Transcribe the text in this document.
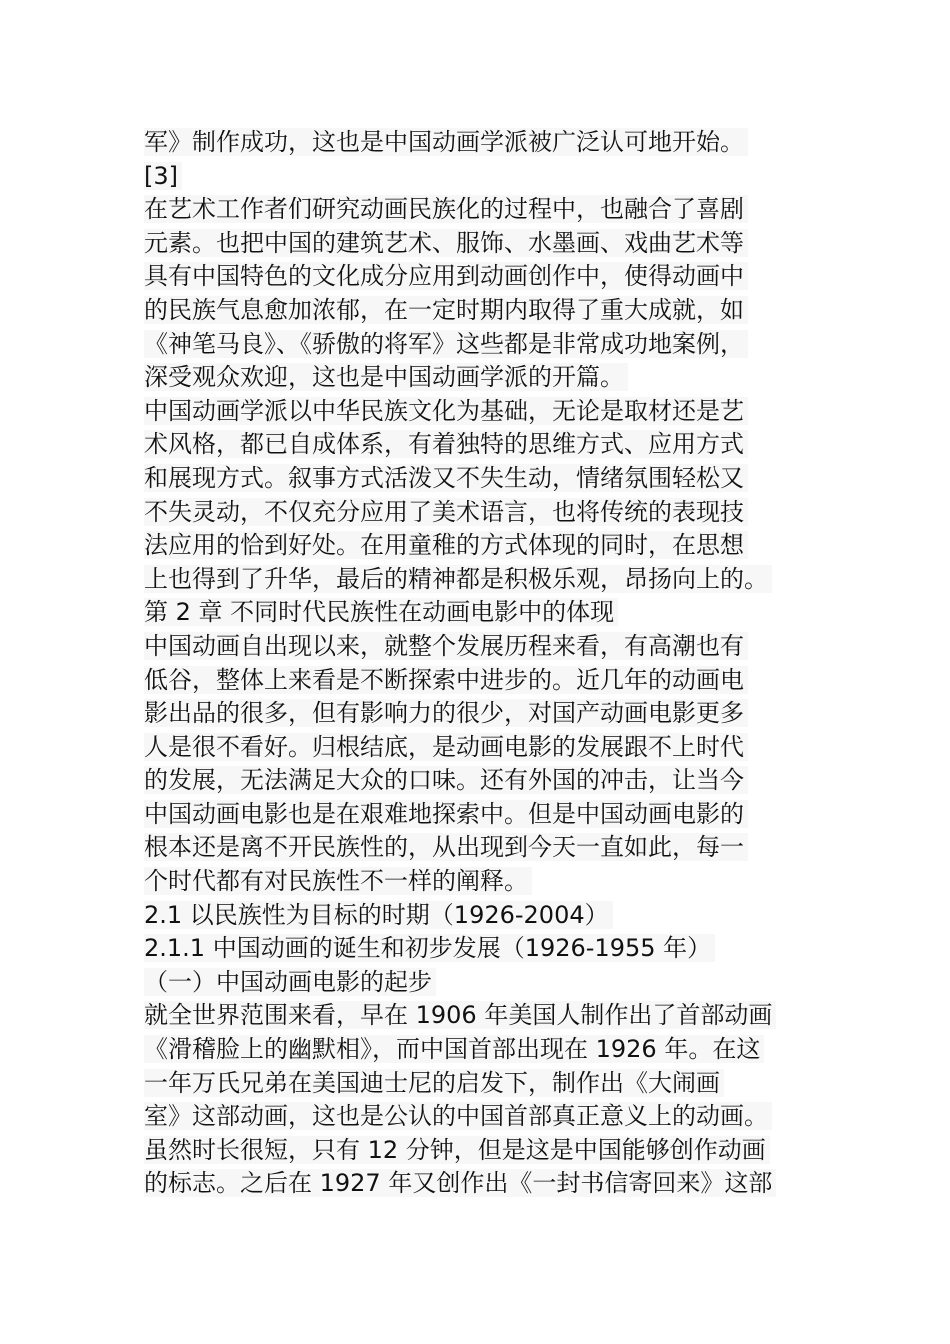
军》制作成功，这也是中国动画学派被广泛认可地开始。
[3]
在艺术工作者们研究动画民族化的过程中，也融合了喜剧
元素。也把中国的建筑艺术、服饰、水墨画、戏曲艺术等
具有中国特色的文化成分应用到动画创作中，使得动画中
的民族气息愈加浓郁，在一定时期内取得了重大成就，如
《神笔马良》、《骄傲的将军》这些都是非常成功地案例，
深受观众欢迎，这也是中国动画学派的开篇。
中国动画学派以中华民族文化为基础，无论是取材还是艺
术风格，都已自成体系，有着独特的思维方式、应用方式
和展现方式。叙事方式活泼又不失生动，情绪氛围轻松又
不失灵动，不仅充分应用了美术语言，也将传统的表现技
法应用的恰到好处。在用童稚的方式体现的同时，在思想
上也得到了升华，最后的精神都是积极乐观，昂扬向上的。
第 2 章 不同时代民族性在动画电影中的体现
中国动画自出现以来，就整个发展历程来看，有高潮也有
低谷，整体上来看是不断探索中进步的。近几年的动画电
影出品的很多，但有影响力的很少，对国产动画电影更多
人是很不看好。归根结底，是动画电影的发展跟不上时代
的发展，无法满足大众的口味。还有外国的冲击，让当今
中国动画电影也是在艰难地探索中。但是中国动画电影的
根本还是离不开民族性的，从出现到今天一直如此，每一
个时代都有对民族性不一样的阐释。
2.1 以民族性为目标的时期（1926-2004）
2.1.1 中国动画的诞生和初步发展（1926-1955 年）
（一）中国动画电影的起步
就全世界范围来看，早在 1906 年美国人制作出了首部动画
《滑稽脸上的幽默相》，而中国首部出现在 1926 年。在这
一年万氏兄弟在美国迪士尼的启发下，制作出《大闹画
室》这部动画，这也是公认的中国首部真正意义上的动画。
虽然时长很短，只有 12 分钟，但是这是中国能够创作动画
的标志。之后在 1927 年又创作出《一封书信寄回来》这部
